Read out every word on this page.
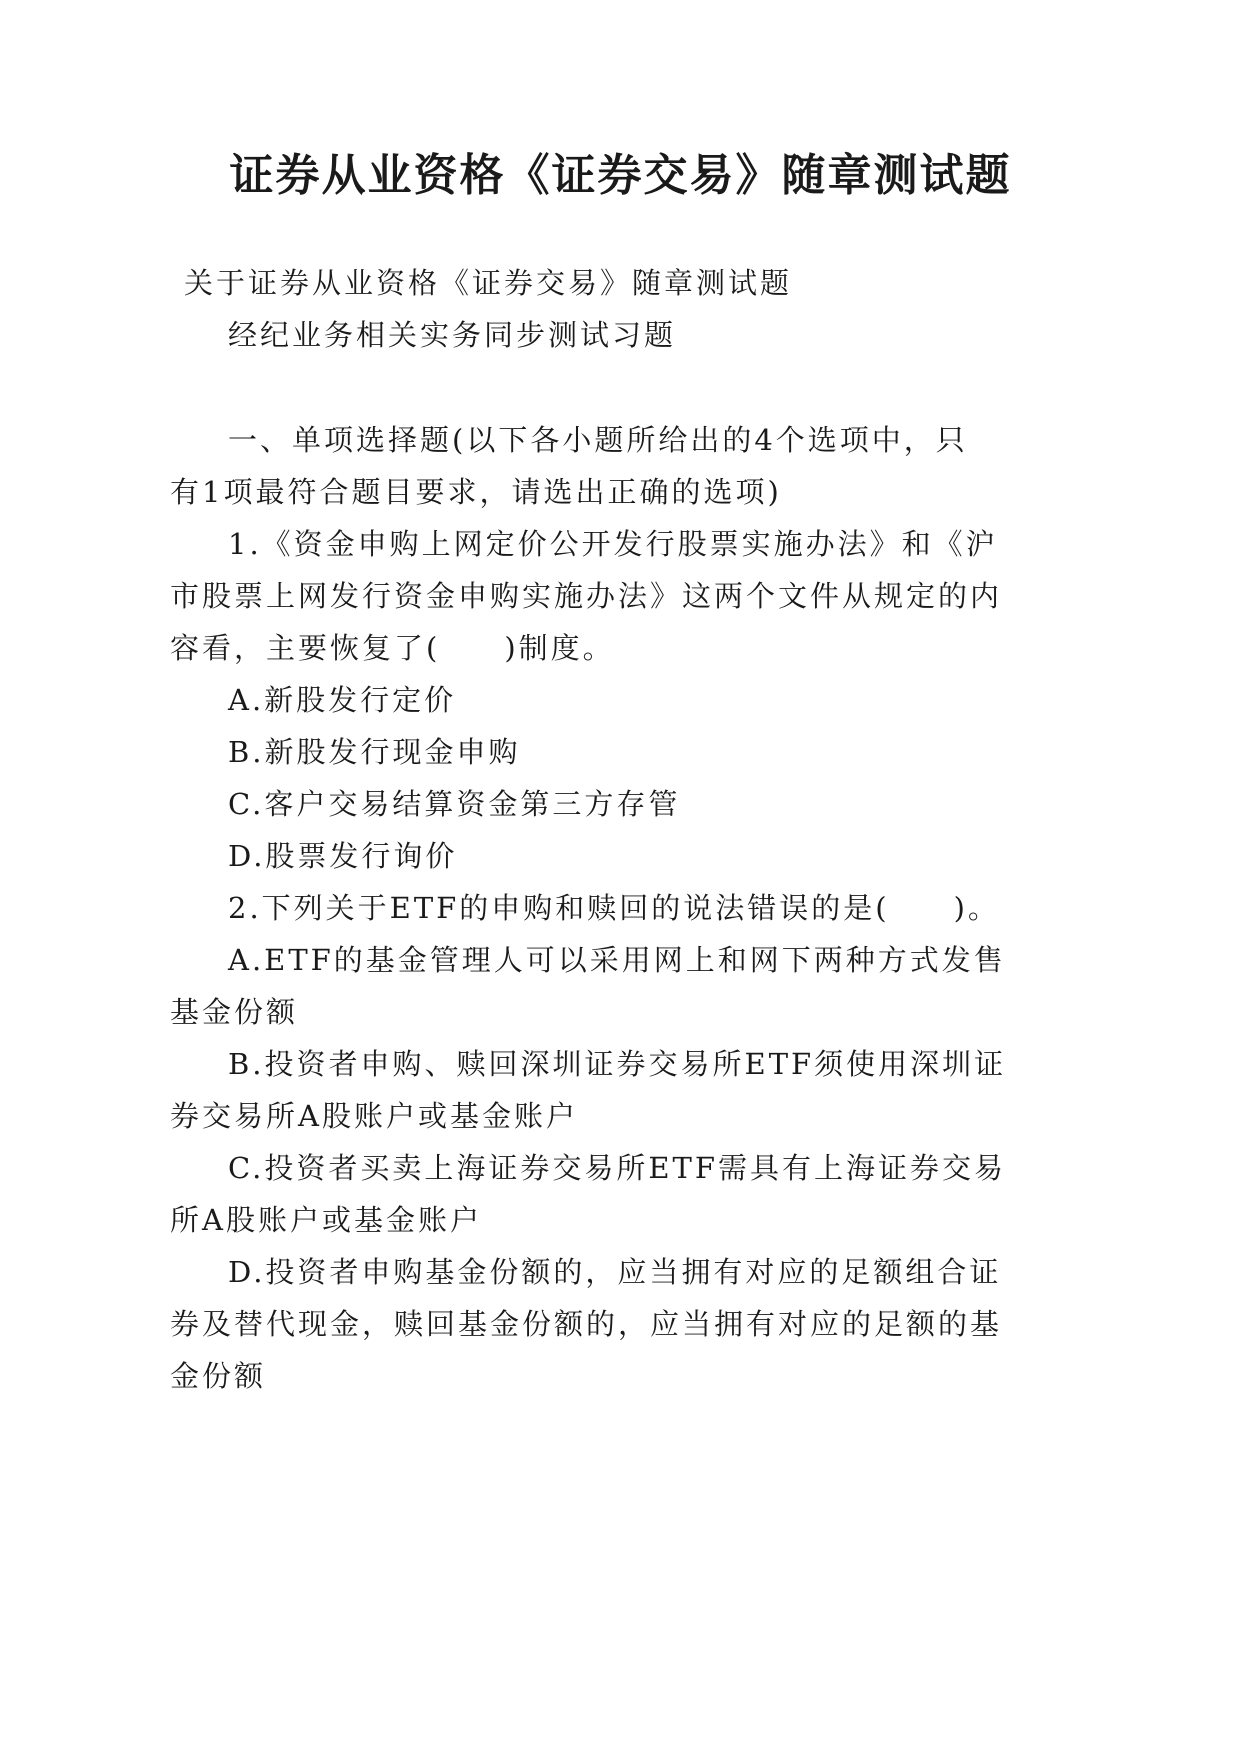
证券从业资格《证券交易》随章测试题
关于证券从业资格《证券交易》随章测试题
经纪业务相关实务同步测试习题
一、单项选择题(以下各小题所给出的4个选项中，只
有1项最符合题目要求，请选出正确的选项)
1.《资金申购上网定价公开发行股票实施办法》和《沪
市股票上网发行资金申购实施办法》这两个文件从规定的内
容看，主要恢复了(　　)制度。
A.新股发行定价
B.新股发行现金申购
C.客户交易结算资金第三方存管
D.股票发行询价
2.下列关于ETF的申购和赎回的说法错误的是(　　)。
A.ETF的基金管理人可以采用网上和网下两种方式发售
基金份额
B.投资者申购、赎回深圳证券交易所ETF须使用深圳证
券交易所A股账户或基金账户
C.投资者买卖上海证券交易所ETF需具有上海证券交易
所A股账户或基金账户
D.投资者申购基金份额的，应当拥有对应的足额组合证
券及替代现金，赎回基金份额的，应当拥有对应的足额的基
金份额
